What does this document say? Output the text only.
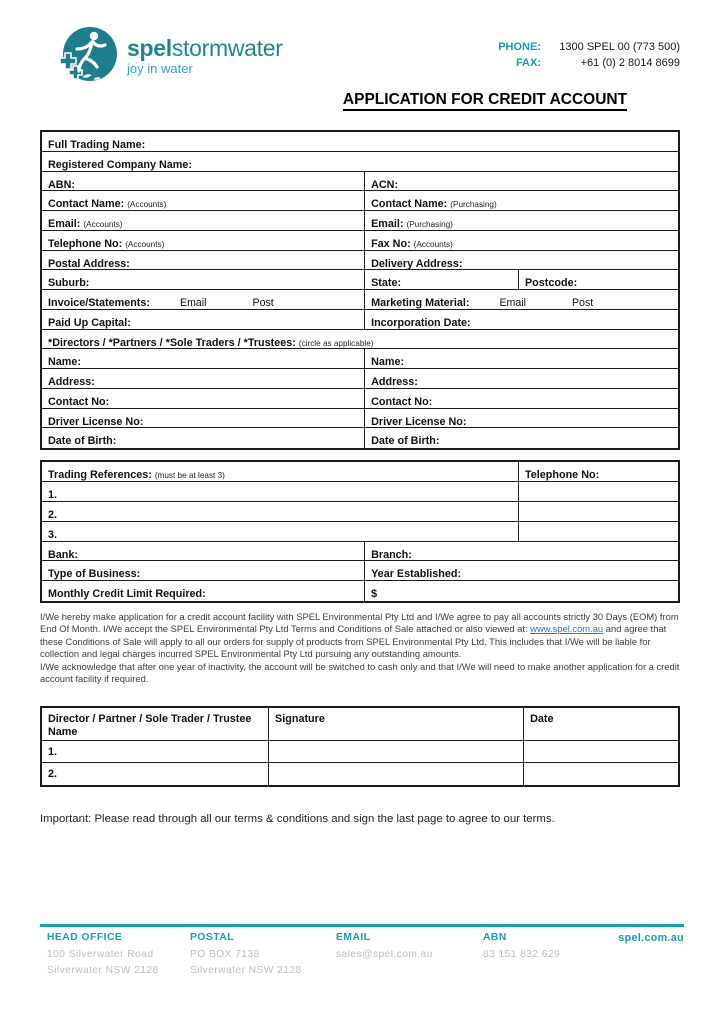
spelstormwater
joy in water
PHONE:	1300 SPEL 00 (773 500)
FAX:	+61 (0) 2 8014 8699
APPLICATION FOR CREDIT ACCOUNT
Full Trading Name:
Registered Company Name:
ABN:	ACN:
Contact Name: (Accounts)	Contact Name: (Purchasing)
Email: (Accounts)	Email: (Purchasing)
Telephone No: (Accounts)	Fax No: (Accounts)
Postal Address:	Delivery Address:
Suburb:	State:	Postcode:
Invoice/Statements:	Email	Post	Marketing Material:	Email	Post
Paid Up Capital:	Incorporation Date:
*Directors / *Partners / *Sole Traders / *Trustees: (circle as applicable)
Name:	Name:
Address:	Address:
Contact No:	Contact No:
Driver License No:	Driver License No:
Date of Birth:	Date of Birth:
Trading References: (must be at least 3)	Telephone No:
1.
2.
3.
Bank:	Branch:
Type of Business:	Year Established:
Monthly Credit Limit Required:	$
I/We hereby make application for a credit account facility with SPEL Environmental Pty Ltd and I/We agree to pay all accounts strictly 30 Days (EOM) from End Of Month. I/We accept the SPEL Environmental Pty Ltd Terms and Conditions of Sale attached or also viewed at: www.spel.com.au and agree that these Conditions of Sale will apply to all our orders for supply of products from SPEL Environmental Pty Ltd. This includes that I/We will be liable for collection and legal charges incurred SPEL Environmental Pty Ltd pursuing any outstanding amounts.
I/We acknowledge that after one year of inactivity, the account will be switched to cash only and that I/We will need to make another application for a credit account facility if required.
Director / Partner / Sole Trader / Trustee
Name
Signature	Date
1.
2.
Important: Please read through all our terms & conditions and sign the last page to agree to our terms.
HEAD OFFICE
100 Silverwater Road
Silverwater NSW 2128
POSTAL
PO BOX 7138
Silverwater NSW 2128
EMAIL
sales@spel.com.au
ABN
83 151 832 629
spel.com.au
